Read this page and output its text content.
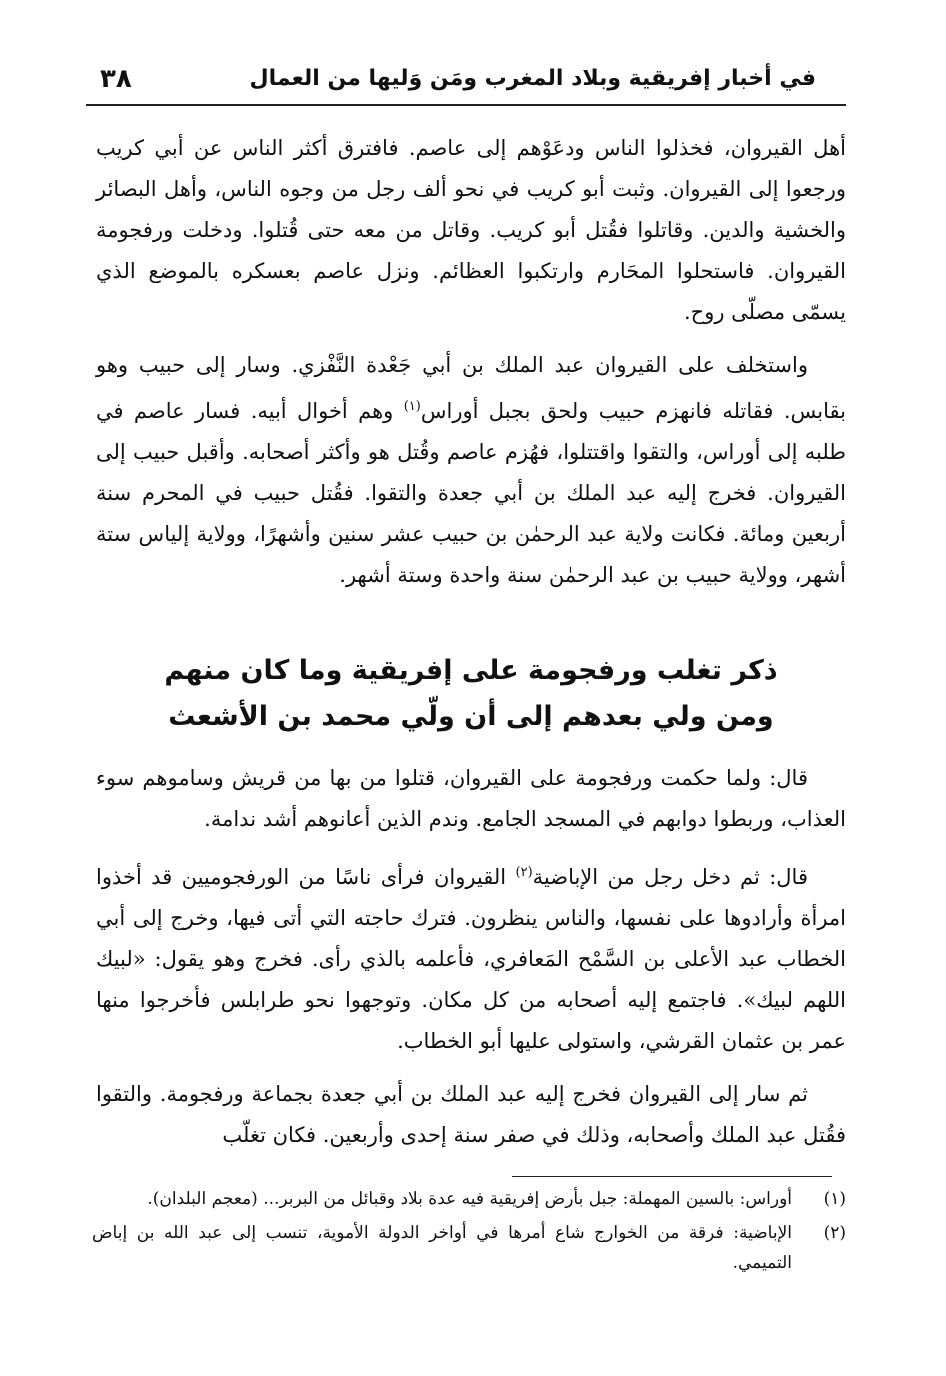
في أخبار إفريقية وبلاد المغرب ومَن وَليها من العمال
٣٨

أهل القيروان، فخذلوا الناس ودعَوْهم إلى عاصم. فافترق أكثر الناس عن أبي كريب ورجعوا إلى القيروان. وثبت أبو كريب في نحو ألف رجل من وجوه الناس، وأهل البصائر والخشية والدين. وقاتلوا فقُتل أبو كريب. وقاتل من معه حتى قُتلوا. ودخلت ورفجومة القيروان. فاستحلوا المحَارم وارتكبوا العظائم. ونزل عاصم بعسكره بالموضع الذي يسمّى مصلّى روح.

واستخلف على القيروان عبد الملك بن أبي جَعْدة النَّفْزي. وسار إلى حبيب وهو بقابس. فقاتله فانهزم حبيب ولحق بجبل أوراس$^{(١)}$ وهم أخوال أبيه. فسار عاصم في طلبه إلى أوراس، والتقوا واقتتلوا، فهُزم عاصم وقُتل هو وأكثر أصحابه. وأقبل حبيب إلى القيروان. فخرج إليه عبد الملك بن أبي جعدة والتقوا. فقُتل حبيب في المحرم سنة أربعين ومائة. فكانت ولاية عبد الرحمٰن بن حبيب عشر سنين وأشهرًا، وولاية إلياس ستة أشهر، وولاية حبيب بن عبد الرحمٰن سنة واحدة وستة أشهر.

ذكر تغلب ورفجومة على إفريقية وما كان منهم
ومن ولي بعدهم إلى أن ولّي محمد بن الأشعث

قال: ولما حكمت ورفجومة على القيروان، قتلوا من بها من قريش وساموهم سوء العذاب، وربطوا دوابهم في المسجد الجامع. وندم الذين أعانوهم أشد ندامة.

قال: ثم دخل رجل من الإباضية$^{(٢)}$ القيروان فرأى ناسًا من الورفجوميين قد أخذوا امرأة وأرادوها على نفسها، والناس ينظرون. فترك حاجته التي أتى فيها، وخرج إلى أبي الخطاب عبد الأعلى بن السَّمْح المَعافري، فأعلمه بالذي رأى. فخرج وهو يقول: «لبيك اللهم لبيك». فاجتمع إليه أصحابه من كل مكان. وتوجهوا نحو طرابلس فأخرجوا منها عمر بن عثمان القرشي، واستولى عليها أبو الخطاب.

ثم سار إلى القيروان فخرج إليه عبد الملك بن أبي جعدة بجماعة ورفجومة. والتقوا فقُتل عبد الملك وأصحابه، وذلك في صفر سنة إحدى وأربعين. فكان تغلّب

(١)
أوراس: بالسين المهملة: جبل بأرض إفريقية فيه عدة بلاد وقبائل من البربر... (معجم البلدان).
(٢)
الإباضية: فرقة من الخوارج شاع أمرها في أواخر الدولة الأموية، تنسب إلى عبد الله بن إباض التميمي.
